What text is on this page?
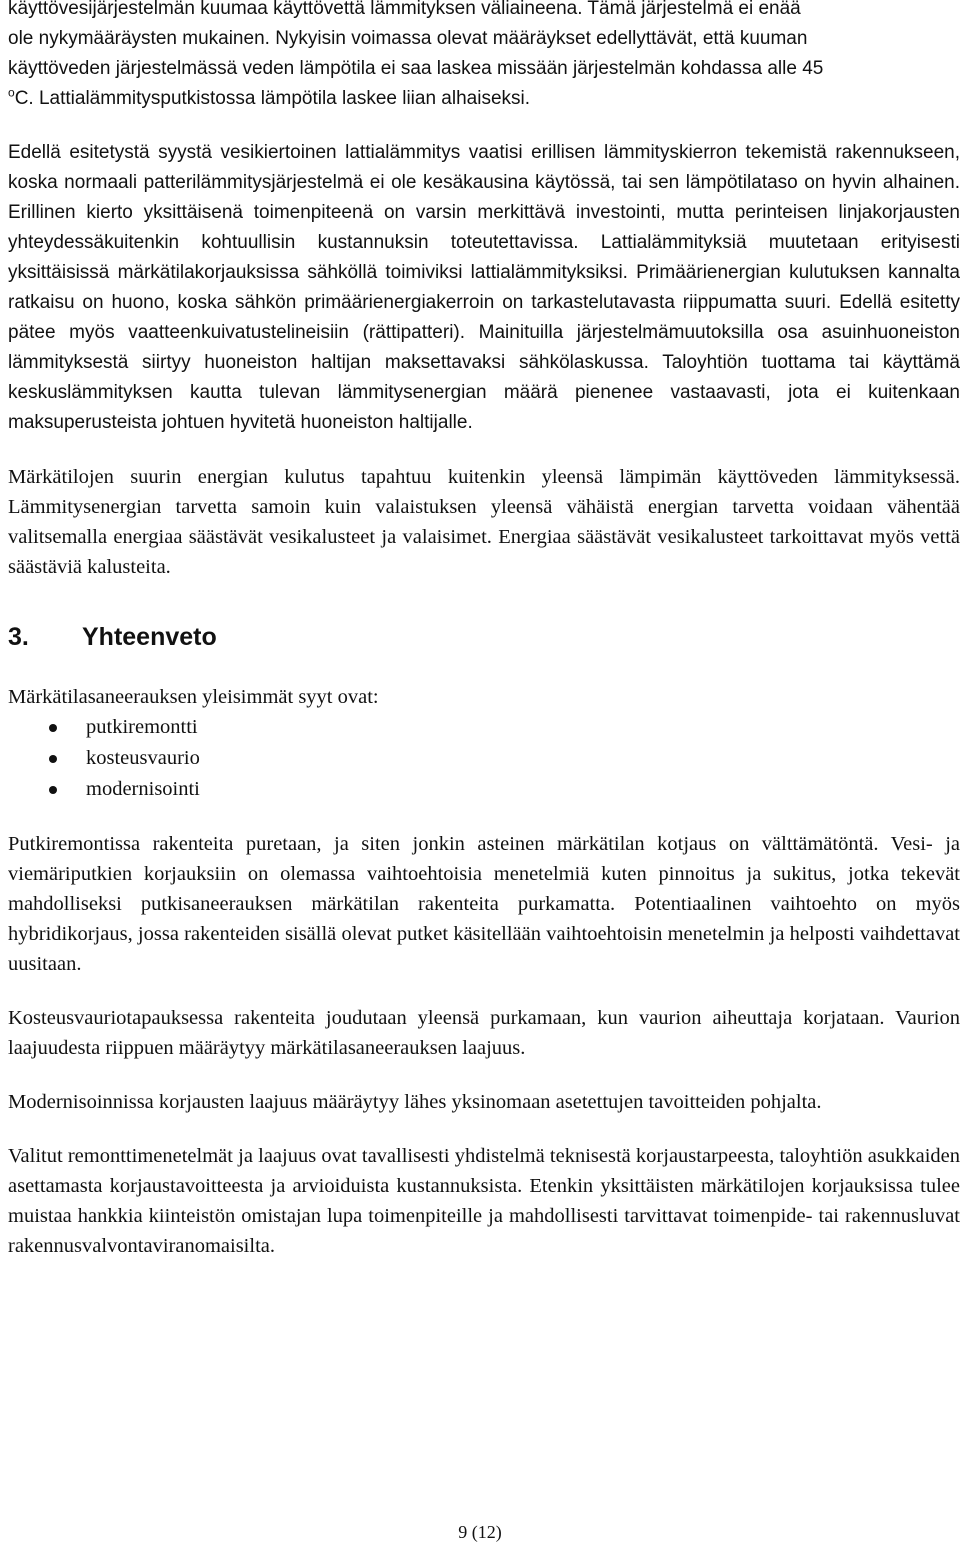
käyttövesijärjestelmän kuumaa käyttövettä lämmityksen väliaineena. Tämä järjestelmä ei enää
ole nykymääräysten mukainen. Nykyisin voimassa olevat määräykset edellyttävät, että kuuman
käyttöveden järjestelmässä veden lämpötila ei saa laskea missään järjestelmän kohdassa alle 45
$^o$C. Lattialämmitysputkistossa lämpötila laskee liian alhaiseksi.

Edellä esitetystä syystä vesikiertoinen lattialämmitys vaatisi erillisen lämmityskierron tekemistä rakennukseen, koska normaali patterilämmitysjärjestelmä ei ole kesäkausina käytössä, tai sen lämpötilataso on hyvin alhainen. Erillinen kierto yksittäisenä toimenpiteenä on varsin merkittävä investointi, mutta perinteisen linjakorjausten yhteydessäkuitenkin kohtuullisin kustannuksin toteutettavissa. Lattialämmityksiä muutetaan erityisesti yksittäisissä märkätilakorjauksissa sähköllä toimiviksi lattialämmityksiksi. Primäärienergian kulutuksen kannalta ratkaisu on huono, koska sähkön primäärienergiakerroin on tarkastelutavasta riippumatta suuri. Edellä esitetty pätee myös vaatteenkuivatustelineisiin (rättipatteri). Mainituilla järjestelmämuutoksilla osa asuinhuoneiston lämmityksestä siirtyy huoneiston haltijan maksettavaksi sähkölaskussa. Taloyhtiön tuottama tai käyttämä keskuslämmityksen kautta tulevan lämmitysenergian määrä pienenee vastaavasti, jota ei kuitenkaan maksuperusteista johtuen hyvitetä huoneiston haltijalle.

Märkätilojen suurin energian kulutus tapahtuu kuitenkin yleensä lämpimän käyttöveden lämmityksessä. Lämmitysenergian tarvetta samoin kuin valaistuksen yleensä vähäistä energian tarvetta voidaan vähentää valitsemalla energiaa säästävät vesikalusteet ja valaisimet. Energiaa säästävät vesikalusteet tarkoittavat myös vettä säästäviä kalusteita.

3.	Yhteenveto

Märkätilasaneerauksen yleisimmät syyt ovat:

putkiremontti
kosteusvaurio
modernisointi

Putkiremontissa rakenteita puretaan, ja siten jonkin asteinen märkätilan kotjaus on välttämätöntä. Vesi- ja viemäriputkien korjauksiin on olemassa vaihtoehtoisia menetelmiä kuten pinnoitus ja sukitus, jotka tekevät mahdolliseksi putkisaneerauksen märkätilan rakenteita purkamatta. Potentiaalinen vaihtoehto on myös hybridikorjaus, jossa rakenteiden sisällä olevat putket käsitellään vaihtoehtoisin menetelmin ja helposti vaihdettavat uusitaan.

Kosteusvauriotapauksessa rakenteita joudutaan yleensä purkamaan, kun vaurion aiheuttaja korjataan. Vaurion laajuudesta riippuen määräytyy märkätilasaneerauksen laajuus.

Modernisoinnissa korjausten laajuus määräytyy lähes yksinomaan asetettujen tavoitteiden pohjalta.

Valitut remonttimenetelmät ja laajuus ovat tavallisesti yhdistelmä teknisestä korjaustarpeesta, taloyhtiön asukkaiden asettamasta korjaustavoitteesta ja arvioiduista kustannuksista. Etenkin yksittäisten märkätilojen korjauksissa tulee muistaa hankkia kiinteistön omistajan lupa toimenpiteille ja mahdollisesti tarvittavat toimenpide- tai rakennusluvat rakennusvalvontaviranomaisilta.

9 (12)
